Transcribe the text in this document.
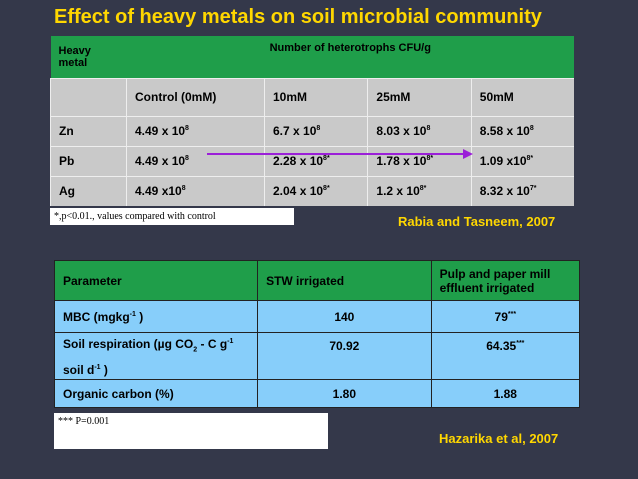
Effect of heavy metals on soil microbial community
Heavy metal	Number of heterotrophs CFU/g			
	Control (0mM)	10mM	25mM	50mM
Zn	4.49 x $10^8$	6.7 x $10^8$	8.03 x $10^8$	8.58 x $10^8$
Pb	4.49 x $10^8$	2.28 x $10^{8*}$	1.78 x $10^{8*}$	1.09 $x10^{8*}$
Ag	4.49 $x10^8$	2.04 x $10^{8*}$	1.2 x $10^{8*}$	8.32 x $10^{7*}$
*,p<0.01., values compared with control	Rabia and Tasneem, 2007
Parameter	STW irrigated	Pulp and paper mill effluent irrigated
MBC (mgkg$^{-1}$ )	140	79***
Soil respiration (µg $CO_2$ - C $g^{-1}$ soil $d^{-1}$ )	70.92	64.35***
Organic carbon (%)	1.80	1.88
*** P=0.001
Hazarika et al, 2007
